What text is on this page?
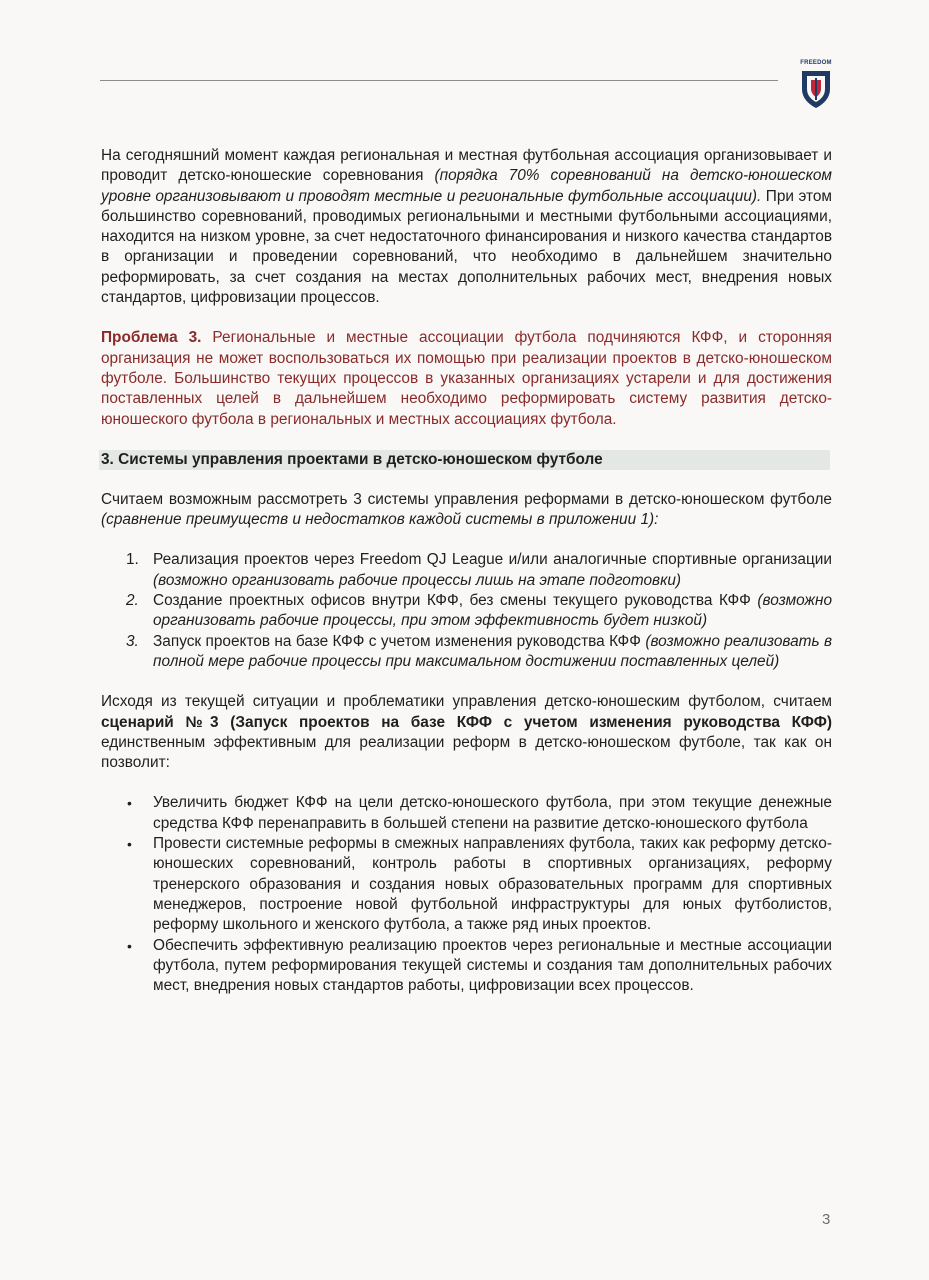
FREEDOM

На сегодняшний момент каждая региональная и местная футбольная ассоциация организовывает и проводит детско-юношеские соревнования (порядка 70% соревнований на детско-юношеском уровне организовывают и проводят местные и региональные футбольные ассоциации). При этом большинство соревнований, проводимых региональными и местными футбольными ассоциациями, находится на низком уровне, за счет недостаточного финансирования и низкого качества стандартов в организации и проведении соревнований, что необходимо в дальнейшем значительно реформировать, за счет создания на местах дополнительных рабочих мест, внедрения новых стандартов, цифровизации процессов.

Проблема 3. Региональные и местные ассоциации футбола подчиняются КФФ, и сторонняя организация не может воспользоваться их помощью при реализации проектов в детско-юношеском футболе. Большинство текущих процессов в указанных организациях устарели и для достижения поставленных целей в дальнейшем необходимо реформировать систему развития детско-юношеского футбола в региональных и местных ассоциациях футбола.

3. Системы управления проектами в детско-юношеском футболе

Считаем возможным рассмотреть 3 системы управления реформами в детско-юношеском футболе (сравнение преимуществ и недостатков каждой системы в приложении 1):

1. Реализация проектов через Freedom QJ League и/или аналогичные спортивные организации (возможно организовать рабочие процессы лишь на этапе подготовки)
2. Создание проектных офисов внутри КФФ, без смены текущего руководства КФФ (возможно организовать рабочие процессы, при этом эффективность будет низкой)
3. Запуск проектов на базе КФФ с учетом изменения руководства КФФ (возможно реализовать в полной мере рабочие процессы при максимальном достижении поставленных целей)

Исходя из текущей ситуации и проблематики управления детско-юношеским футболом, считаем сценарий №3 (Запуск проектов на базе КФФ с учетом изменения руководства КФФ) единственным эффективным для реализации реформ в детско-юношеском футболе, так как он позволит:

• Увеличить бюджет КФФ на цели детско-юношеского футбола, при этом текущие денежные средства КФФ перенаправить в большей степени на развитие детско-юношеского футбола
• Провести системные реформы в смежных направлениях футбола, таких как реформу детско-юношеских соревнований, контроль работы в спортивных организациях, реформу тренерского образования и создания новых образовательных программ для спортивных менеджеров, построение новой футбольной инфраструктуры для юных футболистов, реформу школьного и женского футбола, а также ряд иных проектов.
• Обеспечить эффективную реализацию проектов через региональные и местные ассоциации футбола, путем реформирования текущей системы и создания там дополнительных рабочих мест, внедрения новых стандартов работы, цифровизации всех процессов.
3
